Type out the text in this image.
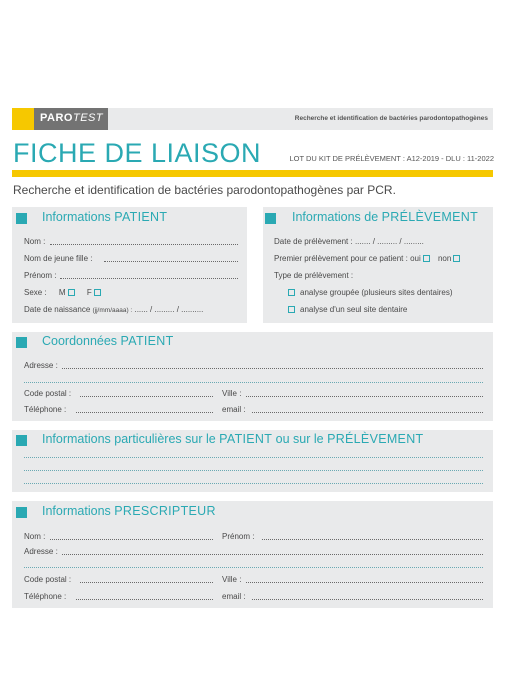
PAROTEST	Recherche et identification de bactéries parodontopathogènes
FICHE DE LIAISON	LOT DU KIT DE PRÉLÈVEMENT : A12-2019 - DLU : 11-2022
Recherche et identification de bactéries parodontopathogènes par PCR.
Informations PATIENT
Nom :
Nom de jeune fille :
Prénom :
Sexe : M	F
Date de naissance (jj/mm/aaaa) : ...... / ......... / ..........
Informations de PRÉLÈVEMENT
Date de prélèvement : ....... / ......... / .........
Premier prélèvement pour ce patient : oui non
Type de prélèvement :
analyse groupée (plusieurs sites dentaires)
analyse d'un seul site dentaire
Coordonnées PATIENT
Adresse :
Code postal :	Ville :
Téléphone :	email :
Informations particulières sur le PATIENT ou sur le PRÉLÈVEMENT
Informations PRESCRIPTEUR
Nom :	Prénom :
Adresse :
Code postal :	Ville :
Téléphone :	email :
